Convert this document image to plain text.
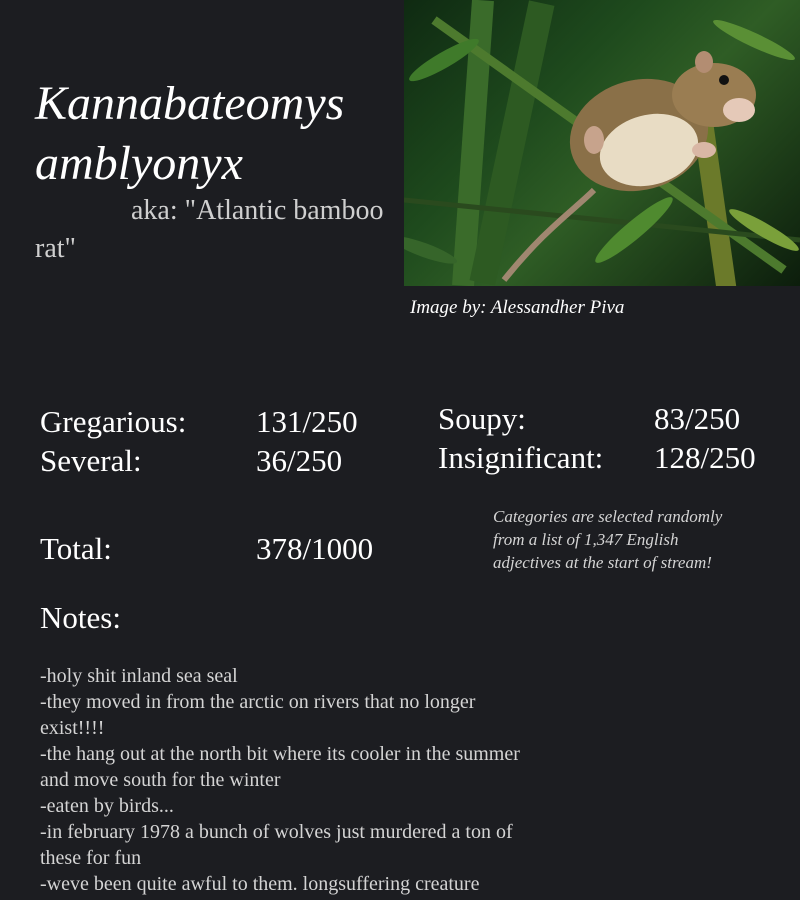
Kannabateomys amblyonyx
aka: "Atlantic bamboo rat"
Image by: Alessandher Piva
Gregarious: 131/250	Soupy:	83/250
Several:	36/250	Insignificant: 128/250
Total:	378/1000
Categories are selected randomly from a list of 1,347 English adjectives at the start of stream!
Notes:
-holy shit inland sea seal
-they moved in from the arctic on rivers that no longer exist!!!!
-the hang out at the north bit where its cooler in the summer and move south for the winter
-eaten by birds...
-in february 1978 a bunch of wolves just murdered a ton of these for fun
-weve been quite awful to them. longsuffering creature
